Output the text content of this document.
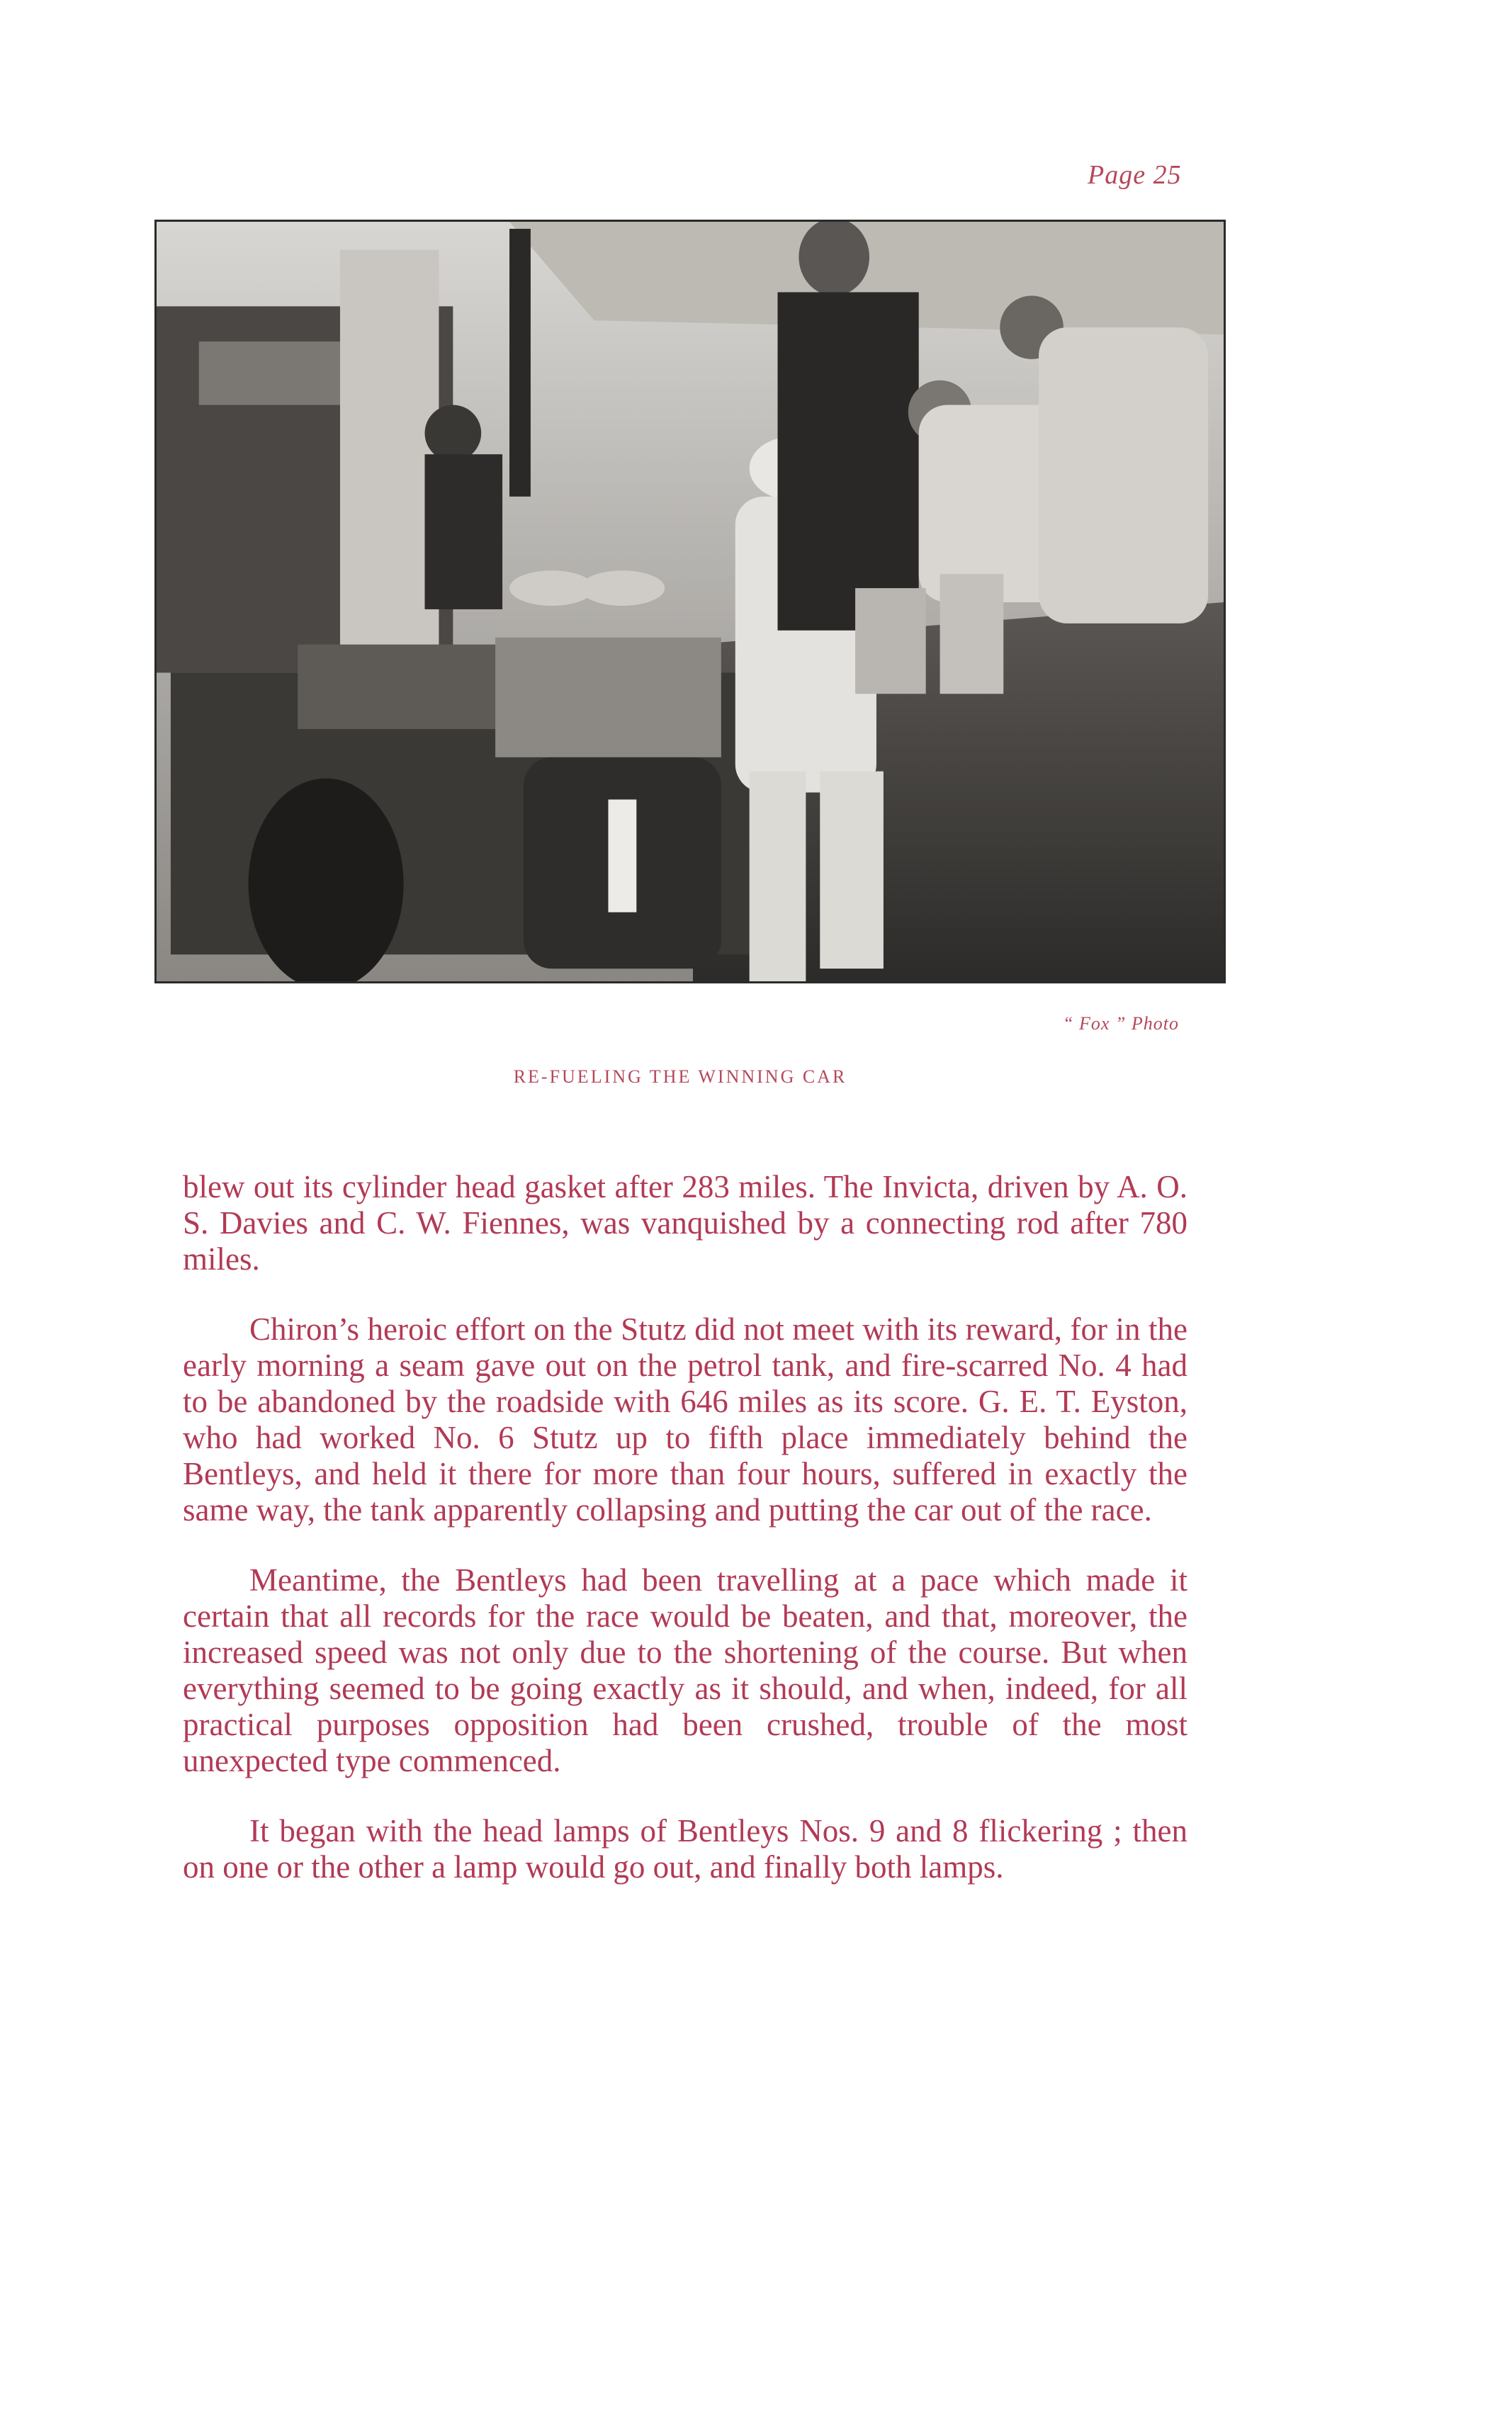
Page 25
“ Fox ” Photo
RE-FUELING THE WINNING CAR

blew out its cylinder head gasket after 283 miles. The Invicta, driven by A. O. S. Davies and C. W. Fiennes, was vanquished by a connecting rod after 780 miles.

Chiron’s heroic effort on the Stutz did not meet with its reward, for in the early morning a seam gave out on the petrol tank, and fire-scarred No. 4 had to be abandoned by the roadside with 646 miles as its score. G. E. T. Eyston, who had worked No. 6 Stutz up to fifth place immediately behind the Bentleys, and held it there for more than four hours, suffered in exactly the same way, the tank apparently collapsing and putting the car out of the race.

Meantime, the Bentleys had been travelling at a pace which made it certain that all records for the race would be beaten, and that, moreover, the increased speed was not only due to the shortening of the course. But when everything seemed to be going exactly as it should, and when, indeed, for all practical purposes opposition had been crushed, trouble of the most unexpected type commenced.

It began with the head lamps of Bentleys Nos. 9 and 8 flickering ; then on one or the other a lamp would go out, and finally both lamps.
